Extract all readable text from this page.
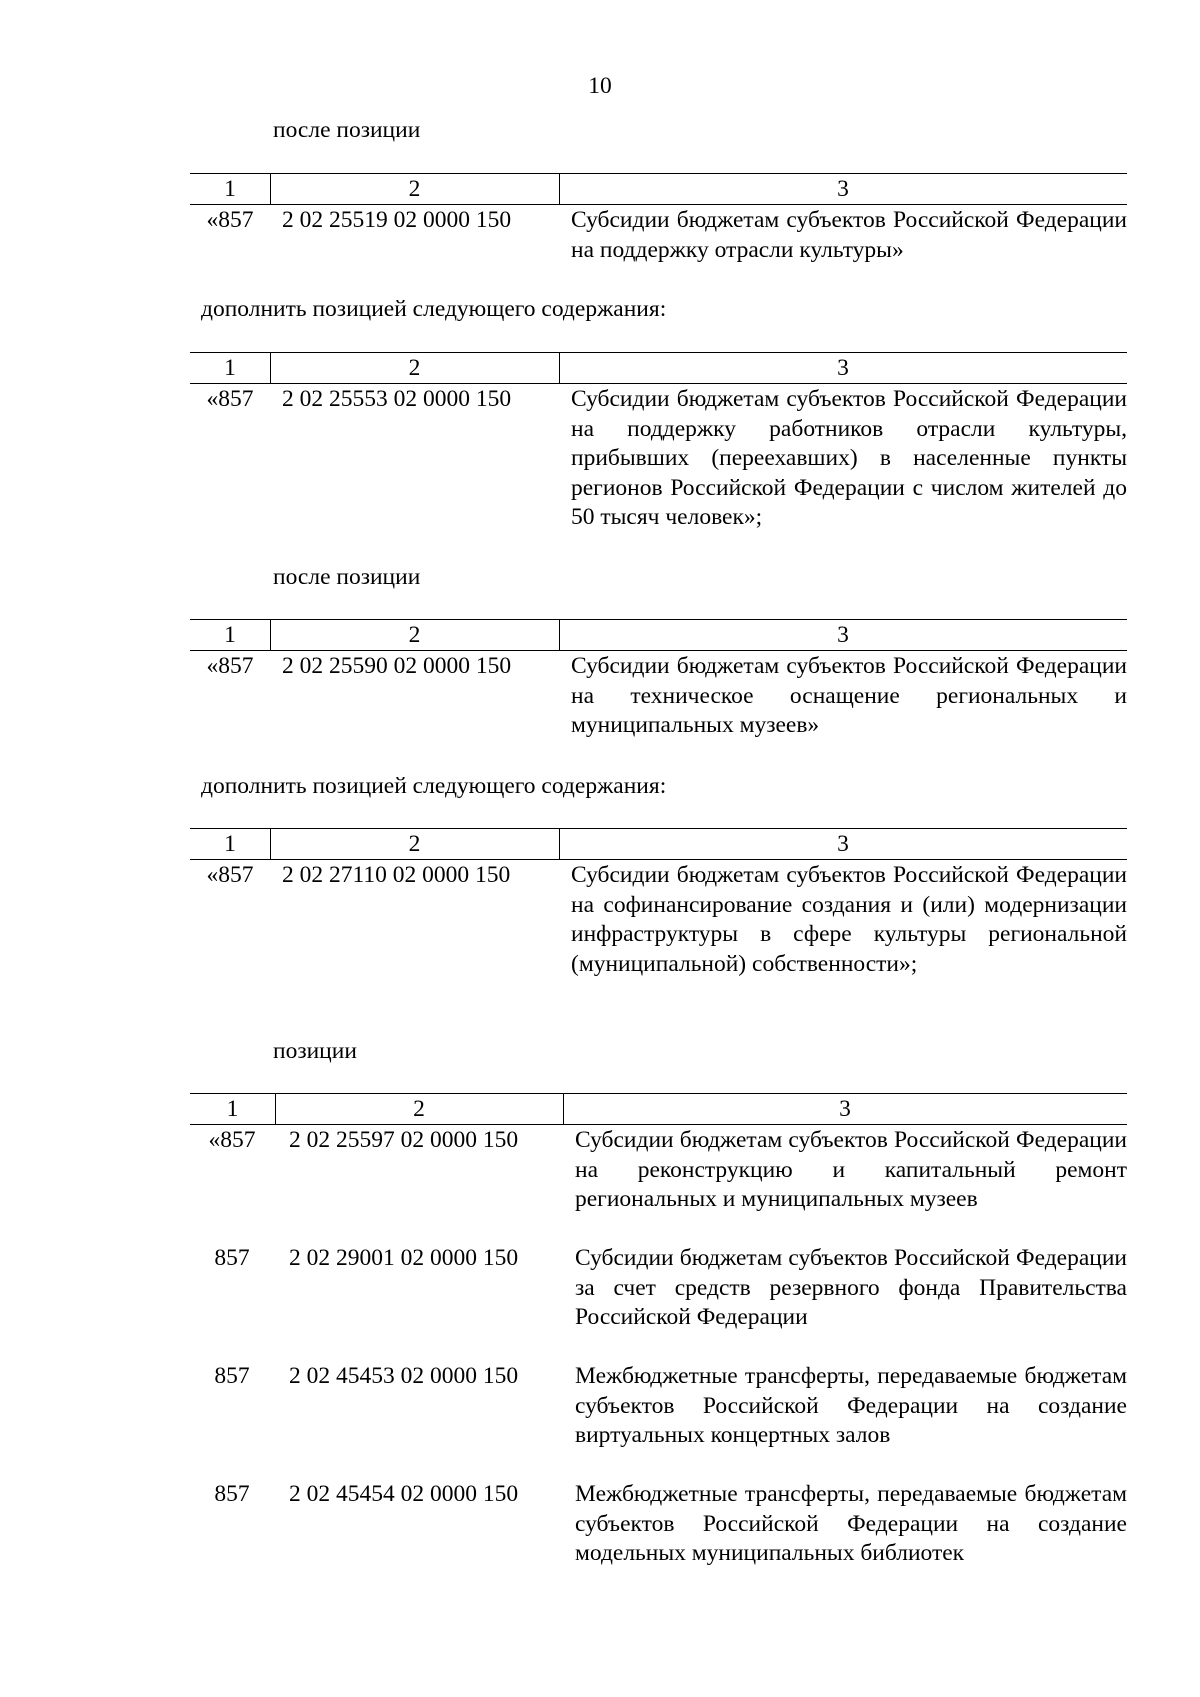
10
после позиции
1	2	3
«857	2 02 25519 02 0000 150	Субсидии бюджетам субъектов Российской Федерации на поддержку отрасли культуры»
дополнить позицией следующего содержания:
1	2	3
«857	2 02 25553 02 0000 150	Субсидии бюджетам субъектов Российской Федерации на поддержку работников отрасли культуры, прибывших (переехавших) в населенные пункты регионов Российской Федерации с числом жителей до 50 тысяч человек»;
после позиции
1	2	3
«857	2 02 25590 02 0000 150	Субсидии бюджетам субъектов Российской Федерации на техническое оснащение региональных и муниципальных музеев»
дополнить позицией следующего содержания:
1	2	3
«857	2 02 27110 02 0000 150	Субсидии бюджетам субъектов Российской Федерации на софинансирование создания и (или) модернизации инфраструктуры в сфере культуры региональной (муниципальной) собственности»;
позиции
1	2	3
«857	2 02 25597 02 0000 150	Субсидии бюджетам субъектов Российской Федерации на реконструкцию и капитальный ремонт региональных и муниципальных музеев
857	2 02 29001 02 0000 150	Субсидии бюджетам субъектов Российской Федерации за счет средств резервного фонда Правительства Российской Федерации
857	2 02 45453 02 0000 150	Межбюджетные трансферты, передаваемые бюджетам субъектов Российской Федерации на создание виртуальных концертных залов
857	2 02 45454 02 0000 150	Межбюджетные трансферты, передаваемые бюджетам субъектов Российской Федерации на создание модельных муниципальных библиотек
